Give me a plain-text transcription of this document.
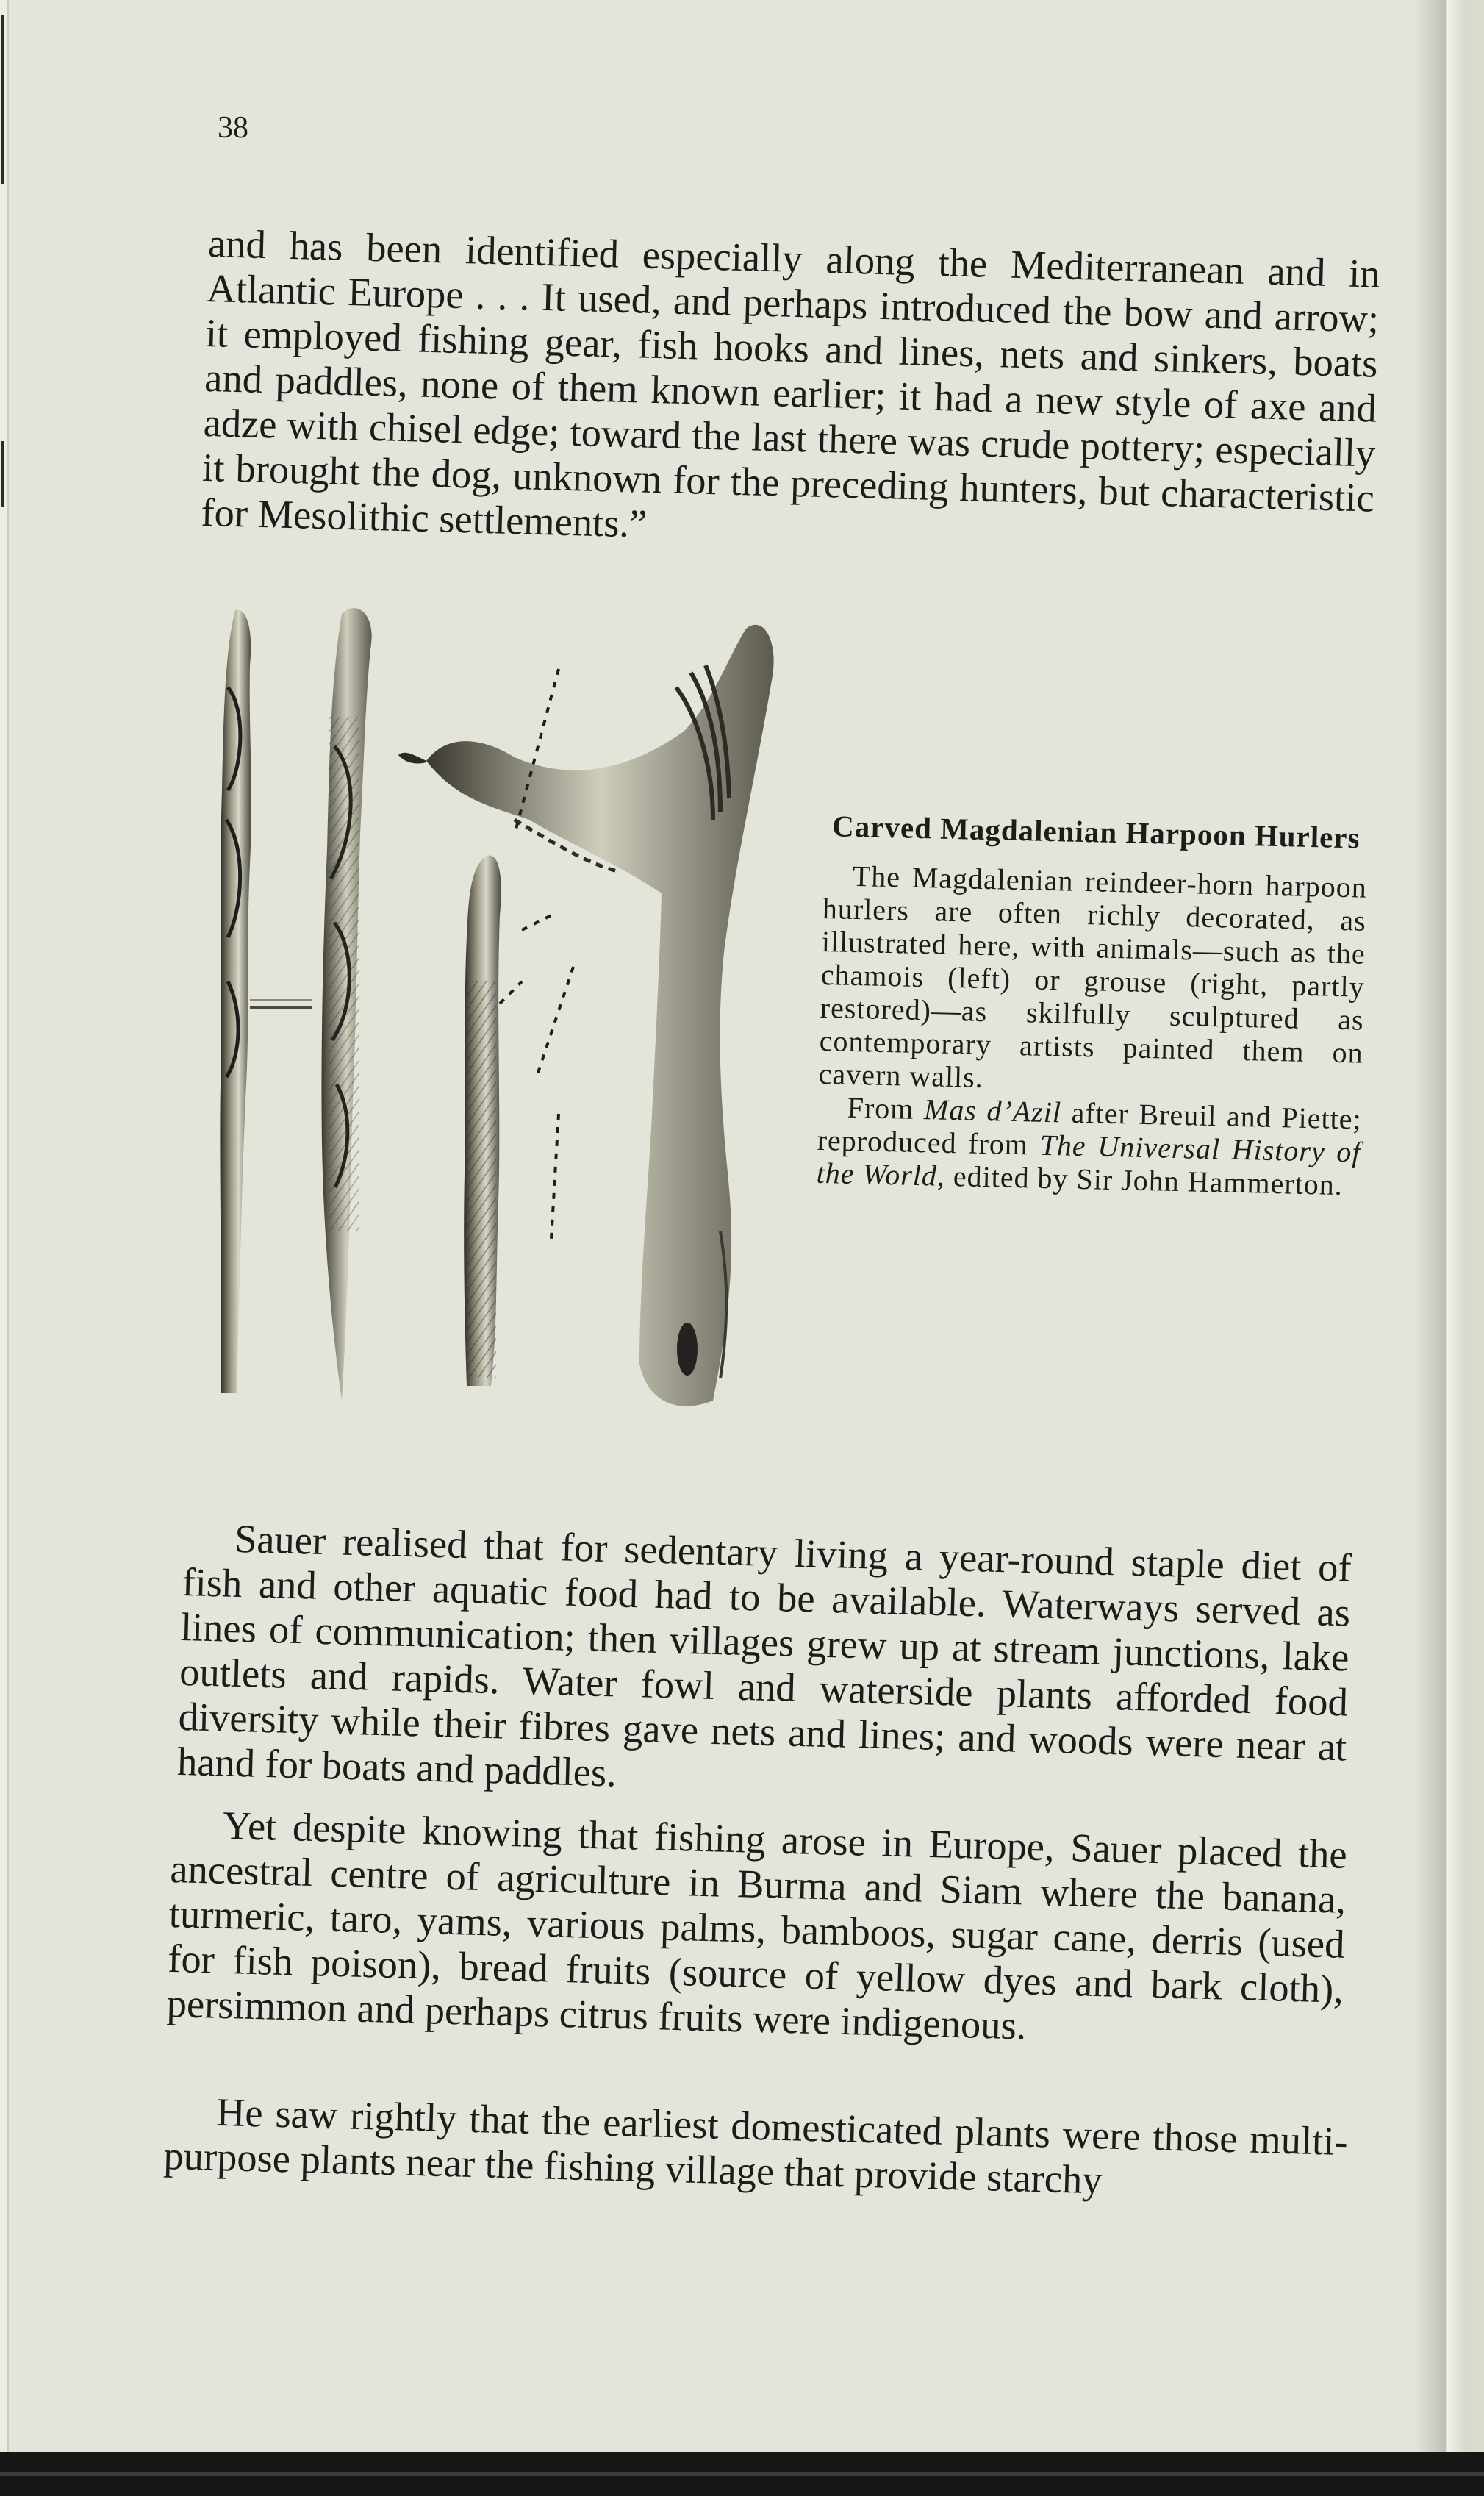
38

and has been identified especially along the Mediterranean and in Atlantic Europe . . . It used, and perhaps introduced the bow and arrow; it employed fishing gear, fish hooks and lines, nets and sinkers, boats and paddles, none of them known earlier; it had a new style of axe and adze with chisel edge; toward the last there was crude pottery; especially it brought the dog, unknown for the preceding hunters, but characteristic for Mesolithic settlements.”

Carved Magdalenian Harpoon Hurlers

The Magdalenian reindeer-horn harpoon hurlers are often richly decorated, as illustrated here, with animals—such as the chamois (left) or grouse (right, partly restored)—as skilfully sculptured as contemporary artists painted them on cavern walls.

From Mas d’Azil after Breuil and Piette; reproduced from The Universal History of the World, edited by Sir John Hammerton.

Sauer realised that for sedentary living a year-round staple diet of fish and other aquatic food had to be available. Waterways served as lines of communication; then villages grew up at stream junctions, lake outlets and rapids. Water fowl and waterside plants afforded food diversity while their fibres gave nets and lines; and woods were near at hand for boats and paddles.

Yet despite knowing that fishing arose in Europe, Sauer placed the ancestral centre of agriculture in Burma and Siam where the banana, turmeric, taro, yams, various palms, bamboos, sugar cane, derris (used for fish poison), bread fruits (source of yellow dyes and bark cloth), persimmon and perhaps citrus fruits were indigenous.

He saw rightly that the earliest domesticated plants were those multi-purpose plants near the fishing village that provide starchy
